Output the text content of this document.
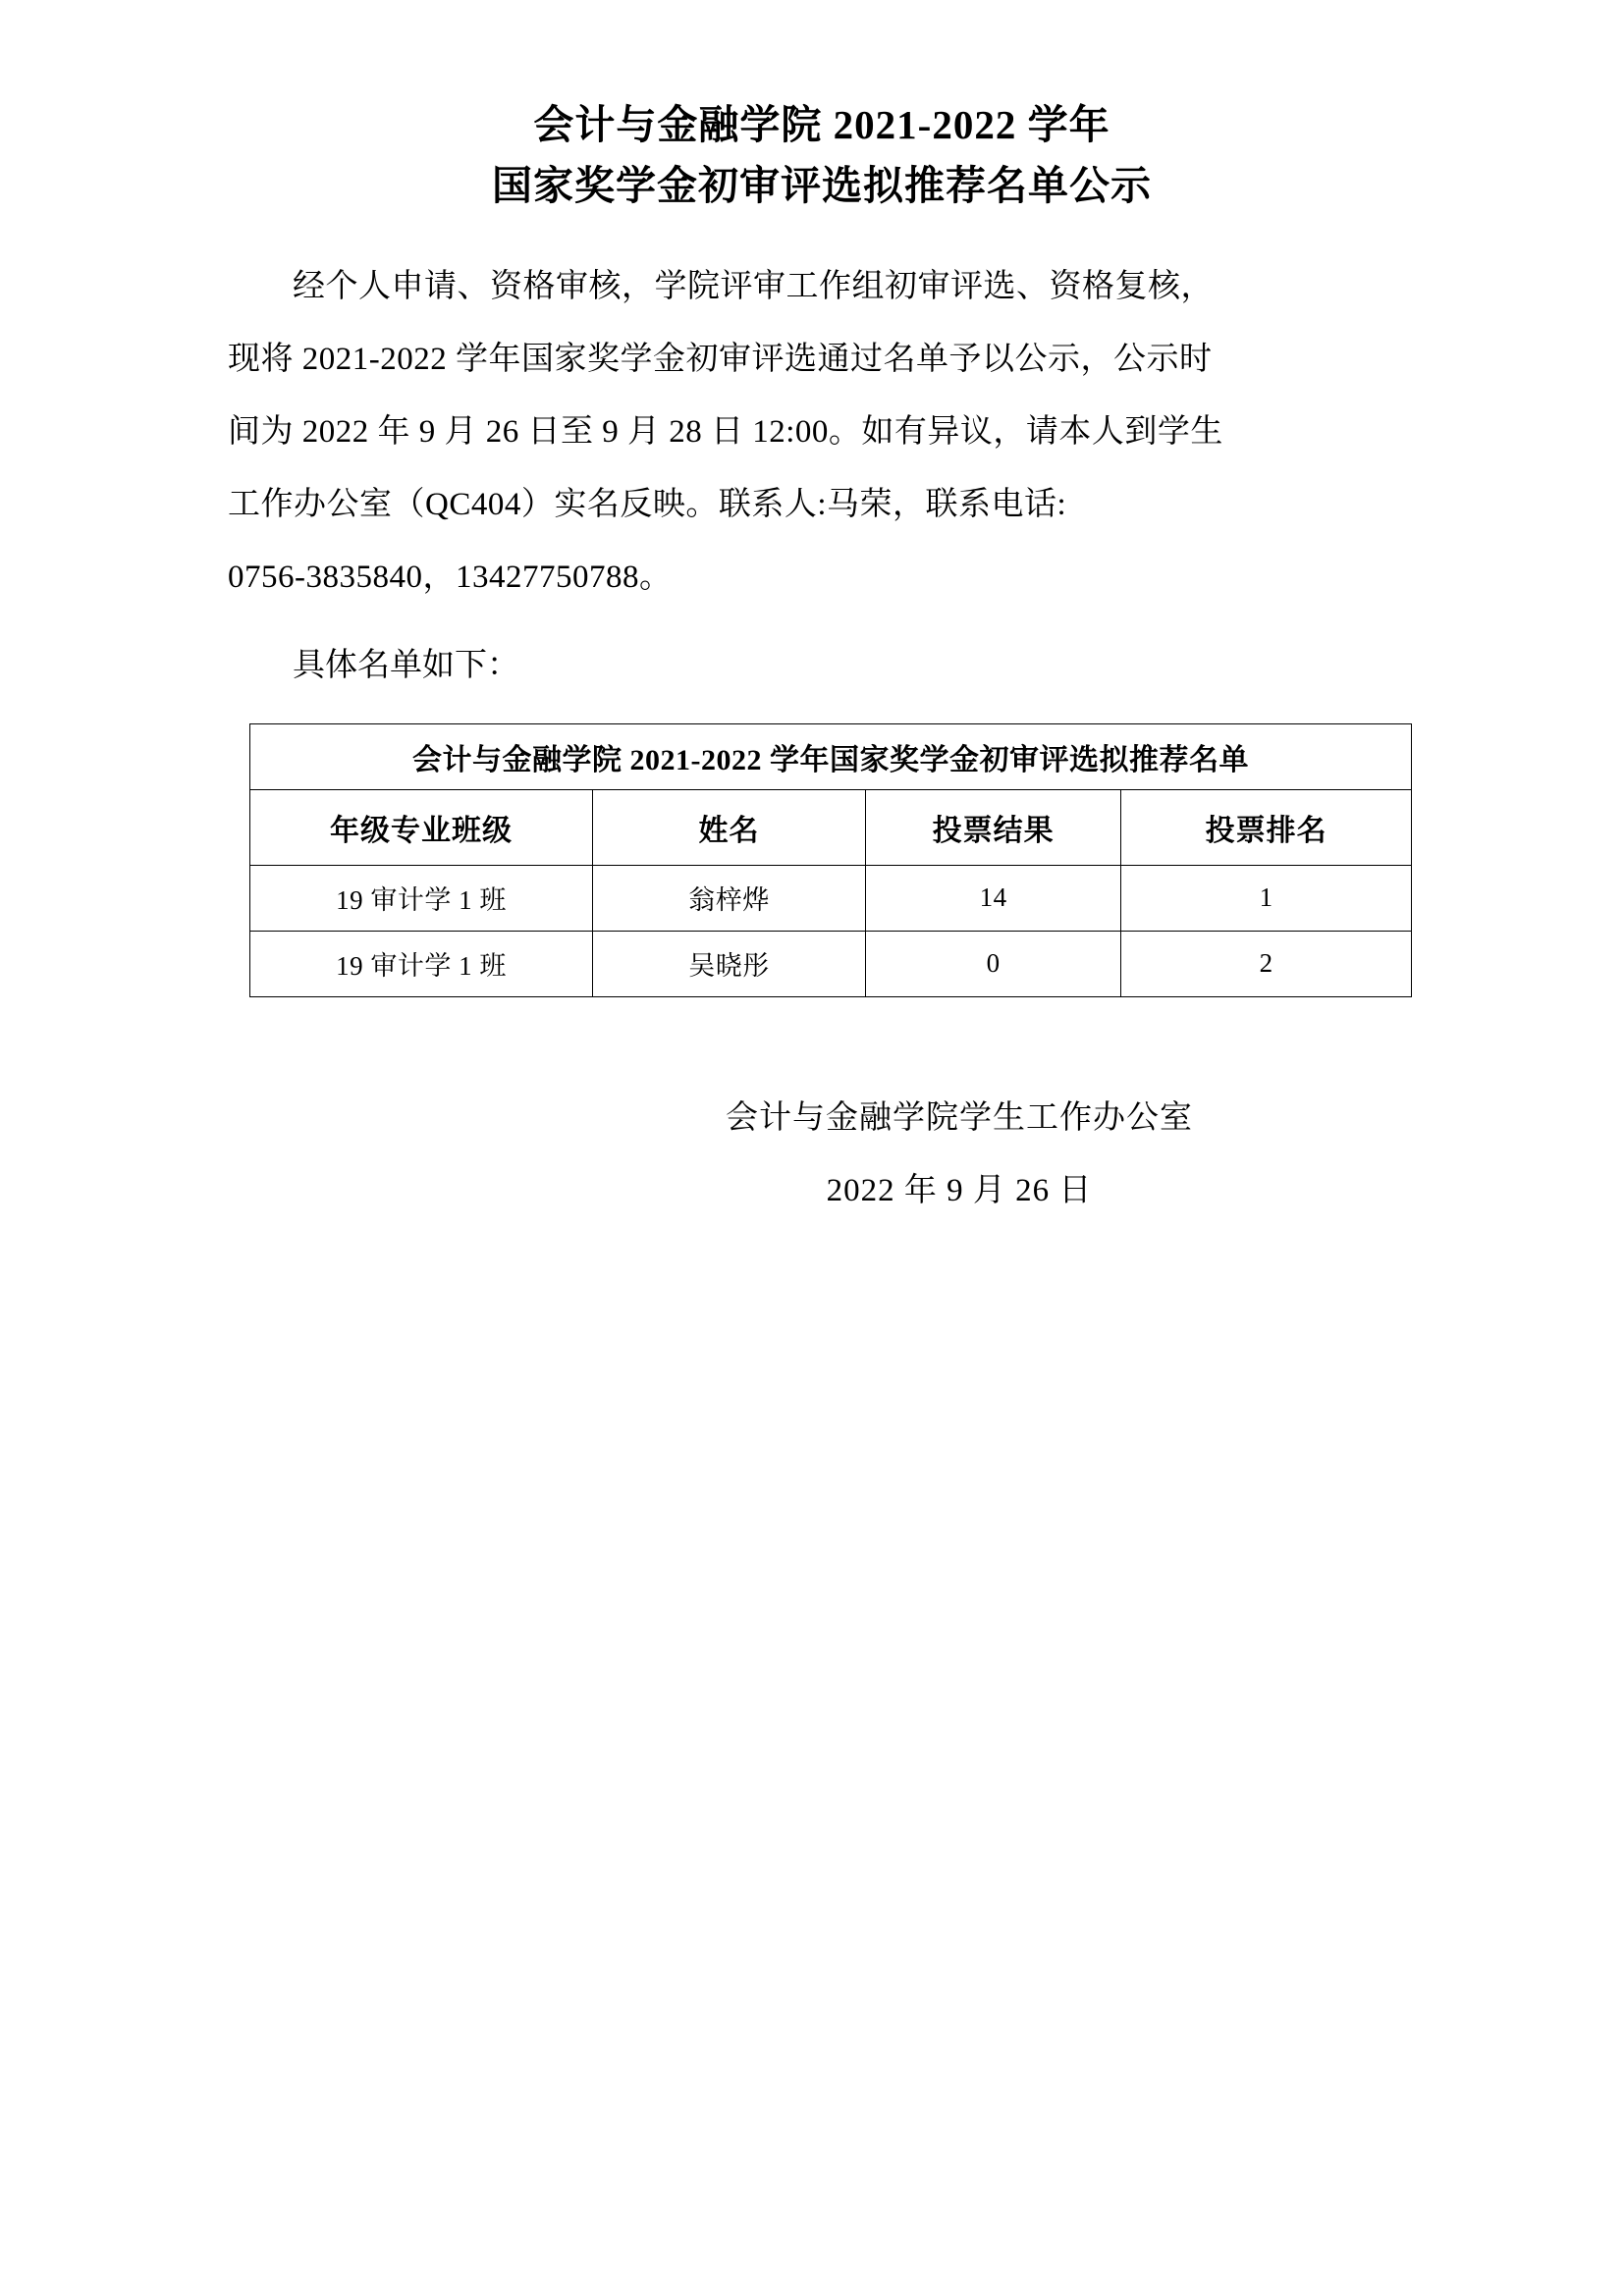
会计与金融学院 2021-2022 学年
国家奖学金初审评选拟推荐名单公示
经个人申请、资格审核，学院评审工作组初审评选、资格复核，
现将 2021-2022 学年国家奖学金初审评选通过名单予以公示，公示时
间为 2022 年 9 月 26 日至 9 月 28 日 12:00。如有异议，请本人到学生
工作办公室（QC404）实名反映。联系人:马荣，联系电话:
0756-3835840，13427750788。
具体名单如下：
会计与金融学院 2021-2022 学年国家奖学金初审评选拟推荐名单			
年级专业班级	姓名	投票结果	投票排名
19 审计学 1 班	翁梓烨	14	1
19 审计学 1 班	吴晓彤	0	2
会计与金融学院学生工作办公室
2022 年 9 月 26 日
